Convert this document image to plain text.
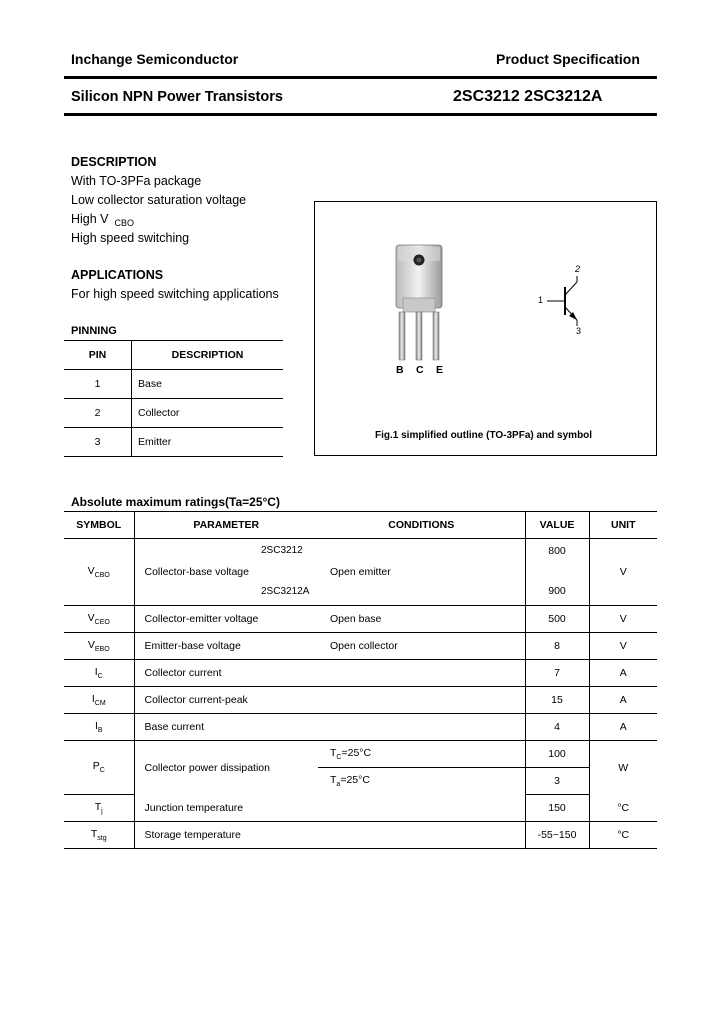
Inchange Semiconductor	Product Specification
Silicon NPN Power Transistors	2SC3212 2SC3212A
DESCRIPTION
With TO-3PFa package
Low collector saturation voltage
High V $_{CBO}$
High speed switching
APPLICATIONS
For high speed switching applications
PINNING
PIN	DESCRIPTION
1	Base
2	Collector
3	Emitter
B C E
1
2
3
Fig.1 simplified outline (TO-3PFa) and symbol
Absolute maximum ratings(Ta=25°C)
SYMBOL	PARAMETER		CONDITIONS	VALUE	UNIT
$V_{CBO}$	Collector-base voltage	2SC3212	Open emitter	800	V
		2SC3212A		900	
$V_{CEO}$	Collector-emitter voltage		Open base	500	V
$V_{EBO}$	Emitter-base voltage		Open collector	8	V
$I_C$	Collector current			7	A
$I_{CM}$	Collector current-peak			15	A
$I_B$	Base current			4	A
$P_C$	Collector power dissipation		$T_C=25^\circ C$	100	W
			$T_a=25^\circ C$	3	
$T_j$	Junction temperature			150	°C
$T_{stg}$	Storage temperature			-55~150	°C
